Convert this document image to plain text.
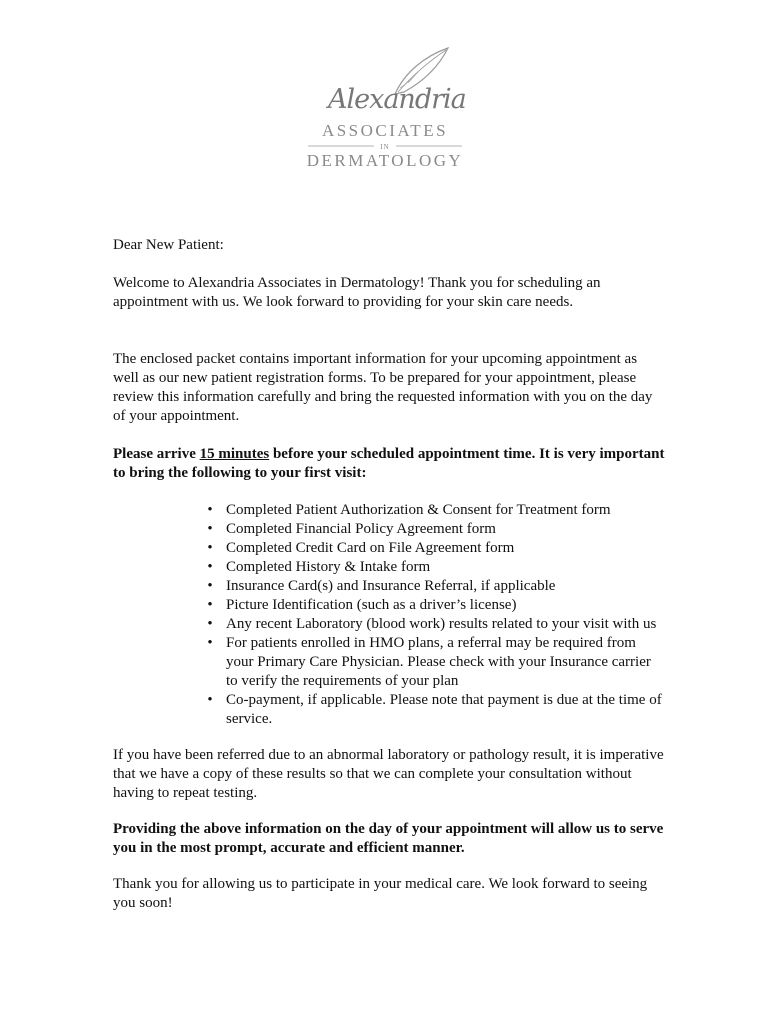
Alexandria
ASSOCIATES
IN
DERMATOLOGY

Dear New Patient:

Welcome to Alexandria Associates in Dermatology! Thank you for scheduling an appointment with us. We look forward to providing for your skin care needs.

The enclosed packet contains important information for your upcoming appointment as well as our new patient registration forms. To be prepared for your appointment, please review this information carefully and bring the requested information with you on the day of your appointment.

Please arrive 15 minutes before your scheduled appointment time. It is very important to bring the following to your first visit:

• Completed Patient Authorization & Consent for Treatment form
• Completed Financial Policy Agreement form
• Completed Credit Card on File Agreement form
• Completed History & Intake form
• Insurance Card(s) and Insurance Referral, if applicable
• Picture Identification (such as a driver’s license)
• Any recent Laboratory (blood work) results related to your visit with us
• For patients enrolled in HMO plans, a referral may be required from your Primary Care Physician. Please check with your Insurance carrier to verify the requirements of your plan
• Co-payment, if applicable. Please note that payment is due at the time of service.

If you have been referred due to an abnormal laboratory or pathology result, it is imperative that we have a copy of these results so that we can complete your consultation without having to repeat testing.

Providing the above information on the day of your appointment will allow us to serve you in the most prompt, accurate and efficient manner.

Thank you for allowing us to participate in your medical care. We look forward to seeing you soon!
